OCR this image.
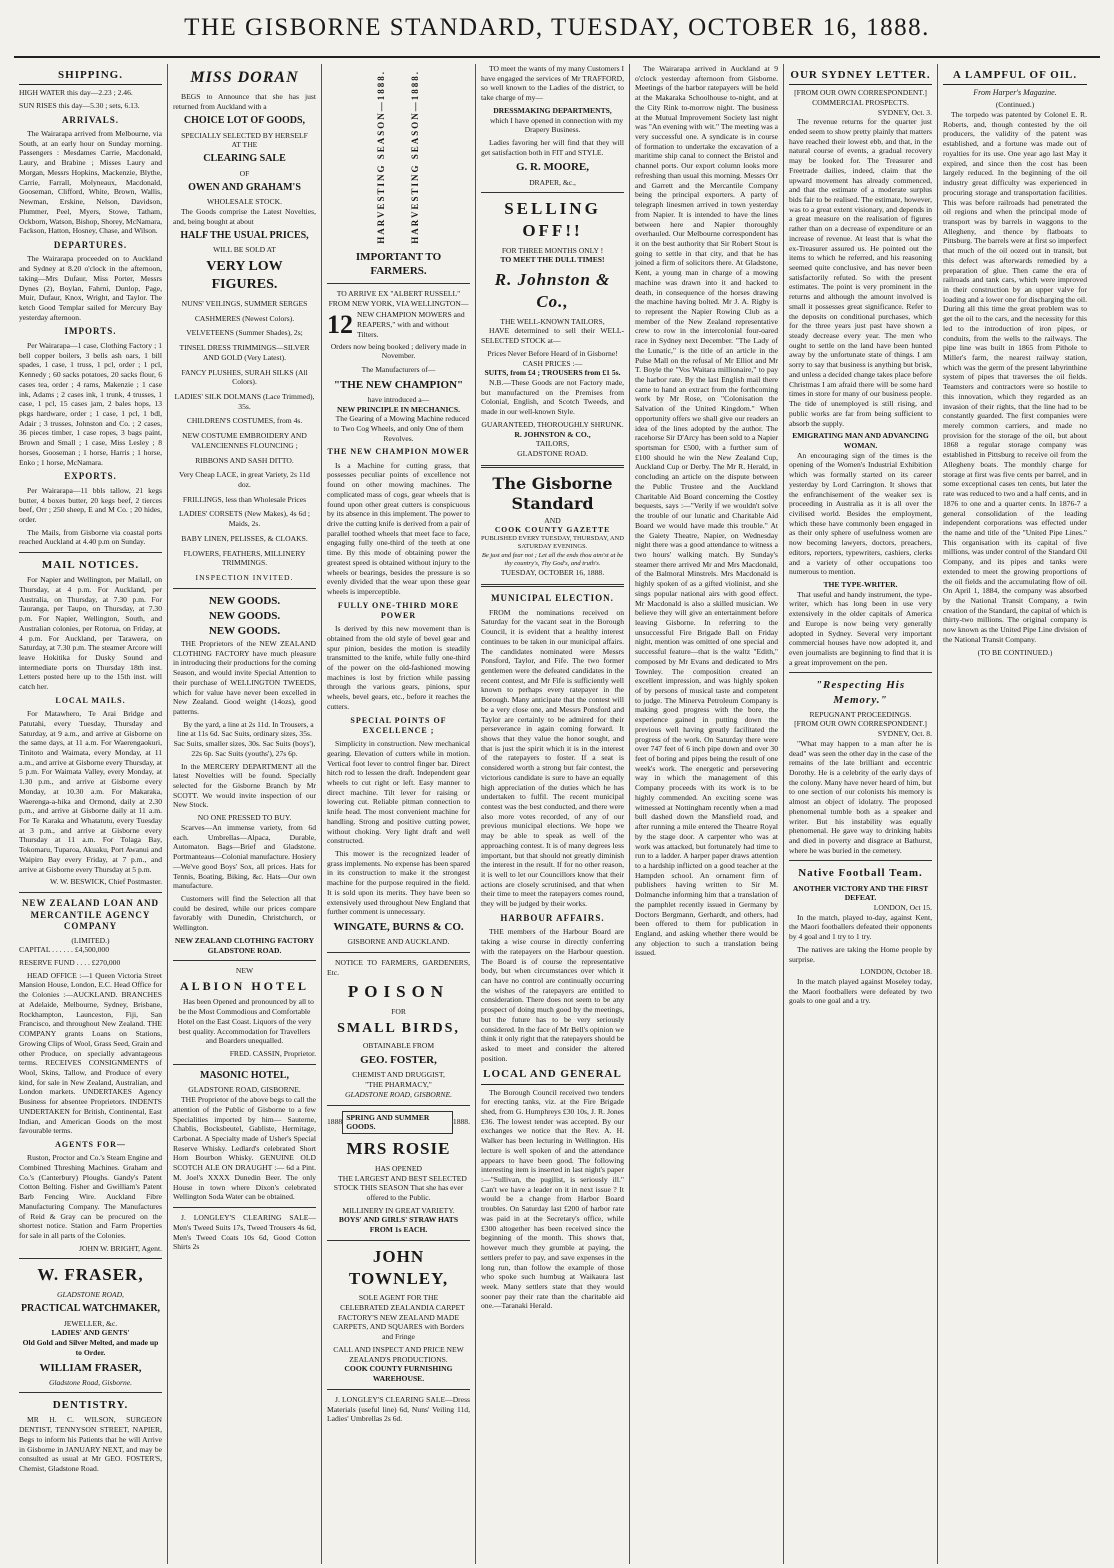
THE GISBORNE STANDARD, TUESDAY, OCTOBER 16, 1888.
SHIPPING.

HIGH WATER this day—2.23 ; 2.46.

SUN RISES this day—5.30 ; sets, 6.13.

ARRIVALS.

The Wairarapa arrived from Melbourne, via South, at an early hour on Sunday morning. Passengers : Mesdames Carrie, Macdonald, Laury, and Brabine ; Misses Laury and Morgan, Messrs Hopkins, Mackenzie, Blythe, Carrie, Farrall, Molyneaux, Macdonald, Gooseman, Clifford, White, Brown, Wallis, Newman, Erskine, Nelson, Davidson, Plummer, Peel, Myers, Stowe, Tatham, Ockborn, Watson, Bishop, Shorey, McNamara, Fackson, Hatton, Hosney, Chase, and Wilson.

DEPARTURES.

The Wairarapa proceeded on to Auckland and Sydney at 8.20 o'clock in the afternoon, taking—Mrs Dufaur, Miss Porter, Messrs Dynes (2), Boylan, Fahrni, Dunlop, Page, Muir, Dufaur, Knox, Wright, and Taylor. The ketch Good Templar sailed for Mercury Bay yesterday afternoon.

IMPORTS.

Per Wairarapa—1 case, Clothing Factory ; 1 bell copper boilers, 3 bells ash oars, 1 bill spades, 1 case, 1 truss, 1 pcl, order ; 1 pcl, Kennedy ; 60 sacks potatoes, 20 sacks flour, 6 cases tea, order ; 4 rams, Makenzie ; 1 case ink, Adams ; 2 cases ink, 1 trunk, 4 trusses, 1 case, 1 pcl, 15 cases jam, 2 bales hops, 13 pkgs hardware, order ; 1 case, 1 pcl, 1 bdl, Adair ; 3 trusses, Johnston and Co. ; 2 cases, 36 pieces timber, 1 case ropes, 3 bags paint, Brown and Small ; 1 case, Miss Lesley ; 8 horses, Gooseman ; 1 horse, Harris ; 1 horse, Enko ; 1 horse, McNamara.

EXPORTS.

Per Wairarapa—11 bbls tallow, 21 kegs butter, 4 boxes butter, 20 kegs beef, 2 tierces beef, Orr ; 250 sheep, E and M Co. ; 20 hides, order.

The Mails, from Gisborne via coastal ports reached Auckland at 4.40 p.m on Sunday.

MAIL NOTICES.

For Napier and Wellington, per Mailall, on Thursday, at 4 p.m. For Auckland, per Australia, on Thursday, at 7.30 p.m. For Tauranga, per Taupo, on Thursday, at 7.30 p.m. For Napier, Wellington, South, and Australian colonies, per Rotorua, on Friday, at 4 p.m. For Auckland, per Tarawera, on Saturday, at 7.30 p.m. The steamer Arcore will leave Hokitika for Dusky Sound and intermediate ports on Thursday 18th inst. Letters posted here up to the 15th inst. will catch her.

LOCAL MAILS.

For Matawhero, Te Arai Bridge and Patutahi, every Tuesday, Thursday and Saturday, at 9 a.m., and arrive at Gisborne on the same days, at 11 a.m. For Waerengaokuri, Tinitoto and Waimata, every Monday, at 11 a.m., and arrive at Gisborne every Thursday, at 5 p.m. For Waimata Valley, every Monday, at 1.30 p.m., and arrive at Gisborne every Monday, at 10.30 a.m. For Makaraka, Waerenga-a-hika and Ormond, daily at 2.30 p.m., and arrive at Gisborne daily at 11 a.m. For Te Karaka and Whatatutu, every Tuesday at 3 p.m., and arrive at Gisborne every Thursday at 11 a.m. For Tolaga Bay, Tokomaru, Tuparoa, Akuaku, Port Awanui and Waipiro Bay every Friday, at 7 p.m., and arrive at Gisborne every Thursday at 5 p.m.

W. W. BESWICK, Chief Postmaster.

NEW ZEALAND LOAN AND MERCANTILE AGENCY COMPANY
(LIMITED.)

CAPITAL . . . . . . £4,500,000

RESERVE FUND . . . . £270,000

HEAD OFFICE :—1 Queen Victoria Street Mansion House, London, E.C. Head Office for the Colonies :—AUCKLAND. BRANCHES at Adelaide, Melbourne, Sydney, Brisbane, Rockhampton, Launceston, Fiji, San Francisco, and throughout New Zealand. THE COMPANY grants Loans on Stations, Growing Clips of Wool, Grass Seed, Grain and other Produce, on specially advantageous terms. RECEIVES CONSIGNMENTS of Wool, Skins, Tallow, and Produce of every kind, for sale in New Zealand, Australian, and London markets. UNDERTAKES Agency Business for absentee Proprietors. INDENTS UNDERTAKEN for British, Continental, East Indian, and American Goods on the most favourable terms.

AGENTS FOR—

Ruston, Proctor and Co.'s Steam Engine and Combined Threshing Machines. Graham and Co.'s (Canterbury) Ploughs. Gandy's Patent Cotton Belting. Fisher and Gwilliam's Patent Barb Fencing Wire. Auckland Fibre Manufacturing Company. The Manufactures of Reid & Gray can be procured on the shortest notice. Station and Farm Properties for sale in all parts of the Colonies.

JOHN W. BRIGHT, Agent.

W. FRASER,
GLADSTONE ROAD,
PRACTICAL WATCHMAKER,
JEWELLER, &c.
LADIES' AND GENTS'
Old Gold and Silver Melted, and made up to Order.
WILLIAM FRASER,
Gladstone Road, Gisborne.
DENTISTRY.

MR H. C. WILSON, SURGEON DENTIST, TENNYSON STREET, NAPIER, Begs to inform his Patients that he will Arrive in Gisborne in JANUARY NEXT, and may be consulted as usual at Mr GEO. FOSTER'S, Chemist, Gladstone Road.

MISS DORAN

BEGS to Announce that she has just returned from Auckland with a

CHOICE LOT OF GOODS,
SPECIALLY SELECTED BY HERSELF
AT THE
CLEARING SALE
OF
OWEN AND GRAHAM'S
WHOLESALE STOCK.

The Goods comprise the Latest Novelties, and, being bought at about

HALF THE USUAL PRICES,
WILL BE SOLD AT
VERY LOW FIGURES.
NUNS' VEILINGS, SUMMER SERGES
CASHMERES (Newest Colors).
VELVETEENS (Summer Shades), 2s;
TINSEL DRESS TRIMMINGS—SILVER AND GOLD (Very Latest).
FANCY PLUSHES, SURAH SILKS (All Colors).
LADIES' SILK DOLMANS (Lace Trimmed), 35s.
CHILDREN'S COSTUMES, from 4s.
NEW COSTUME EMBROIDERY AND VALENCIENNES FLOUNCING ;
RIBBONS AND SASH DITTO.
Very Cheap LACE, in great Variety, 2s 11d doz.
FRILLINGS, less than Wholesale Prices
LADIES' CORSETS (New Makes), 4s 6d ; Maids, 2s.
BABY LINEN, PELISSES, & CLOAKS.
FLOWERS, FEATHERS, MILLINERY TRIMMINGS.
INSPECTION INVITED.
NEW GOODS.
NEW GOODS.
NEW GOODS.

THE Proprietors of the NEW ZEALAND CLOTHING FACTORY have much pleasure in introducing their productions for the coming Season, and would invite Special Attention to their purchase of WELLINGTON TWEEDS, which for value have never been excelled in New Zealand. Good weight (14ozs), good patterns.

By the yard, a line at 2s 11d. In Trousers, a line at 11s 6d. Sac Suits, ordinary sizes, 35s. Sac Suits, smaller sizes, 30s. Sac Suits (boys'), 22s 6p. Sac Suits (youths'), 27s 6p.

In the MERCERY DEPARTMENT all the latest Novelties will be found. Specially selected for the Gisborne Branch by Mr SCOTT. We would invite inspection of our New Stock.

NO ONE PRESSED TO BUY.

Scarves—An immense variety, from 6d each. Umbrellas—Alpaca, Durable, Automaton. Bags—Brief and Gladstone. Portmanteaus—Colonial manufacture. Hosiery—We've good Boys' Sox, all prices. Hats for Tennis, Boating, Biking, &c. Hats—Our own manufacture.

Customers will find the Selection all that could be desired, while our prices compare favorably with Dunedin, Christchurch, or Wellington.

NEW ZEALAND CLOTHING FACTORY GLADSTONE ROAD.
NEW
ALBION HOTEL

Has been Opened and pronounced by all to be the Most Commodious and Comfortable Hotel on the East Coast. Liquors of the very best quality. Accommodation for Travellers and Boarders unequalled.

FRED. CASSIN, Proprietor.

MASONIC HOTEL,
GLADSTONE ROAD, GISBORNE.

THE Proprietor of the above begs to call the attention of the Public of Gisborne to a few Specialities imported by him— Sauterne, Chablis, Bocksbeutel, Gabliste, Hermitage, Carbonat. A Specialty made of Usher's Special Reserve Whisky. Ledlard's celebrated Short Horn Bourbon Whisky. GENUINE OLD SCOTCH ALE ON DRAUGHT :— 6d a Pint. M. Joel's XXXX Dunedin Beer. The only House in town where Dixon's celebrated Wellington Soda Water can be obtained.

J. LONGLEY'S CLEARING SALE—Men's Tweed Suits 17s, Tweed Trousers 4s 6d, Men's Tweed Coats 10s 6d, Good Cotton Shirts 2s

HARVESTING SEASON—1888.	HARVESTING SEASON—1888.
IMPORTANT TO FARMERS.
TO ARRIVE EX "ALBERT RUSSELL" FROM NEW YORK, VIA WELLINGTON—
12 NEW CHAMPION MOWERS and REAPERS," with and without Tilters.
Orders now being booked ; delivery made in November.
The Manufacturers of—
"THE NEW CHAMPION"
have introduced a—
NEW PRINCIPLE IN MECHANICS.

The Gearing of a Mowing Machine reduced to Two Cog Wheels, and only One of them Revolves.

THE NEW CHAMPION MOWER

Is a Machine for cutting grass, that possesses peculiar points of excellence not found on other mowing machines. The complicated mass of cogs, gear wheels that is found upon other great cutters is conspicuous by its absence in this implement. The power to drive the cutting knife is derived from a pair of parallel toothed wheels that meet face to face, engaging fully one-third of the teeth at one time. By this mode of obtaining power the greatest speed is obtained without injury to the wheels or bearings, besides the pressure is so evenly divided that the wear upon these gear wheels is imperceptible.

FULLY ONE-THIRD MORE POWER

Is derived by this new movement than is obtained from the old style of bevel gear and spur pinion, besides the motion is steadily transmitted to the knife, while fully one-third of the power on the old-fashioned mowing machines is lost by friction while passing through the various gears, pinions, spur wheels, bevel gears, etc., before it reaches the cutters.

SPECIAL POINTS OF EXCELLENCE ;

Simplicity in construction. New mechanical gearing. Elevation of cutters while in motion. Vertical foot lever to control finger bar. Direct hitch rod to lessen the draft. Independent gear wheels to cut right or left. Easy manner to direct machine. Tilt lever for raising or lowering cut. Reliable pitman connection to knife head. The most convenient machine for handling. Strong and positive cutting power, without choking. Very light draft and well constructed.

This mower is the recognized leader of grass implements. No expense has been spared in its construction to make it the strongest machine for the purpose required in the field. It is sold upon its merits. They have been so extensively used throughout New England that further comment is unnecessary.

WINGATE, BURNS & CO.
GISBORNE AND AUCKLAND.

NOTICE TO FARMERS, GARDENERS, Etc.

POISON
FOR
SMALL BIRDS,
OBTAINABLE FROM
GEO. FOSTER,
CHEMIST AND DRUGGIST,
"THE PHARMACY,"
GLADSTONE ROAD, GISBORNE.
1888
SPRING AND SUMMER GOODS.
1888.
MRS ROSIE
HAS OPENED

THE LARGEST AND BEST SELECTED STOCK THIS SEASON That she has ever offered to the Public.

MILLINERY IN GREAT VARIETY.
BOYS' AND GIRLS' STRAW HATS FROM 1s EACH.
JOHN TOWNLEY,
SOLE AGENT FOR THE

CELEBRATED ZEALANDIA CARPET FACTORY'S NEW ZEALAND MADE CARPETS, AND SQUARES with Borders and Fringe

CALL AND INSPECT AND PRICE NEW ZEALAND'S PRODUCTIONS.
COOK COUNTY FURNISHING WAREHOUSE.

J. LONGLEY'S CLEARING SALE—Dress Materials (useful line) 6d, Nuns' Veiling 11d, Ladies' Umbrellas 2s 6d.

TO meet the wants of my many Customers I have engaged the services of Mr TRAFFORD, so well known to the Ladies of the district, to take charge of my—

DRESSMAKING DEPARTMENTS,

which I have opened in connection with my Drapery Business.

Ladies favoring her will find that they will get satisfaction both in FIT and STYLE.

G. R. MOORE,
DRAPER, &c.,
SELLING OFF!!
FOR THREE MONTHS ONLY !
TO MEET THE DULL TIMES!
R. Johnston & Co.,
THE WELL-KNOWN TAILORS,

HAVE determined to sell their WELL-SELECTED STOCK at—

Prices Never Before Heard of in Gisborne!
CASH PRICES :—
SUITS, from £4 ; TROUSERS from £1 5s.

N.B.—These Goods are not Factory made, but manufactured on the Premises from Colonial, English, and Scotch Tweeds, and made in our well-known Style.

GUARANTEED, THOROUGHLY SHRUNK.
R. JOHNSTON & CO.,
TAILORS,
GLADSTONE ROAD.
The Gisborne Standard
AND
COOK COUNTY GAZETTE
PUBLISHED EVERY TUESDAY, THURSDAY, AND SATURDAY EVENINGS.
Be just and fear not ; Let all the ends thou aim'st at be thy country's, Thy God's, and truth's.
TUESDAY, OCTOBER 16, 1888.
MUNICIPAL ELECTION.

FROM the nominations received on Saturday for the vacant seat in the Borough Council, it is evident that a healthy interest continues to be taken in our municipal affairs. The candidates nominated were Messrs Ponsford, Taylor, and Fife. The two former gentlemen were the defeated candidates in the recent contest, and Mr Fife is sufficiently well known to perhaps every ratepayer in the Borough. Many anticipate that the contest will be a very close one, and Messrs Ponsford and Taylor are certainly to be admired for their perseverance in again coming forward. It shows that they value the honor sought, and that is just the spirit which it is in the interest of the ratepayers to foster. If a seat is considered worth a strong but fair contest, the victorious candidate is sure to have an equally high appreciation of the duties which he has undertaken to fulfil. The recent municipal contest was the best conducted, and there were also more votes recorded, of any of our previous municipal elections. We hope we may be able to speak as well of the approaching contest. It is of many degrees less important, but that should not greatly diminish the interest in the result. If for no other reason, it is well to let our Councillors know that their actions are closely scrutinised, and that when their time to meet the ratepayers comes round, they will be judged by their works.

HARBOUR AFFAIRS.

THE members of the Harbour Board are taking a wise course in directly conferring with the ratepayers on the Harbour question. The Board is of course the representative body, but when circumstances over which it can have no control are continually occurring the wishes of the ratepayers are entitled to consideration. There does not seem to be any prospect of doing much good by the meetings, but the future has to be very seriously considered. In the face of Mr Bell's opinion we think it only right that the ratepayers should be asked to meet and consider the altered position.

LOCAL AND GENERAL

The Borough Council received two tenders for erecting tanks, viz. at the Fire Brigade shed, from G. Humphreys £30 10s, J. R. Jones £36. The lowest tender was accepted. By our exchanges we notice that the Rev. A. H. Walker has been lecturing in Wellington. His lecture is well spoken of and the attendance appears to have been good. The following interesting item is inserted in last night's paper :—"Sullivan, the pugilist, is seriously ill." Can't we have a leader on it in next issue ? It would be a change from Harbor Board troubles. On Saturday last £200 of harbor rate was paid in at the Secretary's office, while £300 altogether has been received since the beginning of the month. This shows that, however much they grumble at paying, the settlers prefer to pay, and save expenses in the long run, than follow the example of those who spoke such humbug at Waikaura last week. Many settlers state that they would sooner pay their rate than the charitable aid one.—Taranaki Herald.

The Wairarapa arrived in Auckland at 9 o'clock yesterday afternoon from Gisborne. Meetings of the harbor ratepayers will be held at the Makaraka Schoolhouse to-night, and at the City Rink to-morrow night. The business at the Mutual Improvement Society last night was "An evening with wit." The meeting was a very successful one. A syndicate is in course of formation to undertake the excavation of a maritime ship canal to connect the Bristol and channel ports. Our export column looks more refreshing than usual this morning. Messrs Orr and Garrett and the Mercantile Company being the principal exporters. A party of telegraph linesmen arrived in town yesterday from Napier. It is intended to have the lines between here and Napier thoroughly overhauled. Our Melbourne correspondent has it on the best authority that Sir Robert Stout is going to settle in that city, and that he has joined a firm of solicitors there. At Gladstone, Kent, a young man in charge of a mowing machine was drawn into it and hacked to death, in consequence of the horses drawing the machine having bolted. Mr J. A. Rigby is to represent the Napier Rowing Club as a member of the New Zealand representative crew to row in the intercolonial four-oared race in Sydney next December. "The Lady of the Lunatic," is the title of an article in the Pulse Mall on the refusal of Mr Elliot and Mr T. Boyle the "Vos Waitara millionaire," to pay the harbor rate. By the last English mail there came to hand an extract from the forthcoming work by Mr Rose, on "Colonisation the Salvation of the United Kingdom." When opportunity offers we shall give our readers an idea of the lines adopted by the author. The racehorse Sir D'Arcy has been sold to a Napier sportsman for £500, with a further sum of £100 should he win the New Zealand Cup, Auckland Cup or Derby. The Mr R. Herald, in concluding an article on the dispute between the Public Trustee and the Auckland Charitable Aid Board concerning the Costley bequests, says :—"Verily if we wouldn't solve the trouble of our lunatic and Charitable Aid Board we would have made this trouble." At the Gaiety Theatre, Napier, on Wednesday night there was a good attendance to witness a two hours' walking match. By Sunday's steamer there arrived Mr and Mrs Macdonald, of the Balmoral Minstrels. Mrs Macdonald is highly spoken of as a gifted violinist, and she sings popular national airs with good effect. Mr Macdonald is also a skilled musician. We believe they will give an entertainment before leaving Gisborne. In referring to the unsuccessful Fire Brigade Ball on Friday night, mention was omitted of one special and successful feature—that is the waltz "Edith," composed by Mr Evans and dedicated to Mrs Townley. The composition created an excellent impression, and was highly spoken of by persons of musical taste and competent to judge. The Minerva Petroleum Company is making good progress with the bore, the experience gained in putting down the previous well having greatly facilitated the progress of the work. On Saturday there were over 747 feet of 6 inch pipe down and over 30 feet of boring and pipes being the result of one week's work. The energetic and persevering way in which the management of this Company proceeds with its work is to be highly commended. An exciting scene was witnessed at Nottingham recently when a mad bull dashed down the Mansfield road, and after running a mile entered the Theatre Royal by the stage door. A carpenter who was at work was attacked, but fortunately had time to run to a ladder. A harper paper draws attention to a hardship inflicted on a good teacher at the Hampden school. An ornament firm of publishers having written to Sir M. Dolmanche informing him that a translation of the pamphlet recently issued in Germany by Doctors Bergmann, Gerhardt, and others, had been offered to them for publication in England, and asking whether there would be any objection to such a translation being issued.

OUR SYDNEY LETTER.
[FROM OUR OWN CORRESPONDENT.]
COMMERCIAL PROSPECTS.
SYDNEY, Oct. 3.

The revenue returns for the quarter just ended seem to show pretty plainly that matters have reached their lowest ebb, and that, in the natural course of events, a gradual recovery may be looked for. The Treasurer and Freetrade dailies, indeed, claim that the upward movement has already commenced, and that the estimate of a moderate surplus bids fair to be realised. The estimate, however, was to a great extent visionary, and depends in a great measure on the realisation of figures rather than on a decrease of expenditure or an increase of revenue. At least that is what the ex-Treasurer assured us. He pointed out the items to which he referred, and his reasoning seemed quite conclusive, and has never been satisfactorily refuted. So with the present estimates. The point is very prominent in the returns and although the amount involved is small it possesses great significance. Refer to the deposits on conditional purchases, which for the three years just past have shown a steady decrease every year. The men who ought to settle on the land have been hunted away by the unfortunate state of things. I am sorry to say that business is anything but brisk, and unless a decided change takes place before Christmas I am afraid there will be some hard times in store for many of our business people. The tide of unemployed is still rising, and public works are far from being sufficient to absorb the supply.

EMIGRATING MAN AND ADVANCING WOMAN.

An encouraging sign of the times is the opening of the Women's Industrial Exhibition which was formally started on its career yesterday by Lord Carrington. It shows that the enfranchisement of the weaker sex is proceeding in Australia as it is all over the civilised world. Besides the employment, which these have commonly been engaged in as their only sphere of usefulness women are now becoming lawyers, doctors, preachers, editors, reporters, typewriters, cashiers, clerks and a variety of other occupations too numerous to mention.

THE TYPE-WRITER.

That useful and handy instrument, the type-writer, which has long been in use very extensively in the older capitals of America and Europe is now being very generally adopted in Sydney. Several very important commercial houses have now adopted it, and even journalists are beginning to find that it is a great improvement on the pen.

"Respecting His Memory."
REPUGNANT PROCEEDINGS.
[FROM OUR OWN CORRESPONDENT.]
SYDNEY, Oct. 8.

"What may happen to a man after he is dead" was seen the other day in the case of the remains of the late brilliant and eccentric Dorothy. He is a celebrity of the early days of the colony. Many have never heard of him, but to one section of our colonists his memory is almost an object of idolatry. The proposed phenomenal tumble both as a speaker and writer. But his instability was equally phenomenal. He gave way to drinking habits and died in poverty and disgrace at Bathurst, where he was buried in the cemetery.

Native Football Team.
ANOTHER VICTORY AND THE FIRST DEFEAT.
LONDON, Oct 15.

In the match, played to-day, against Kent, the Maori footballers defeated their opponents by 4 goal and 1 try to 1 try.

The natives are taking the Home people by surprise.

LONDON, October 18.

In the match played against Moseley today, the Maori footballers were defeated by two goals to one goal and a try.

A LAMPFUL OF OIL.
From Harper's Magazine.
(Continued.)

The torpedo was patented by Colonel E. R. Roberts, and, though contested by the oil producers, the validity of the patent was established, and a fortune was made out of royalties for its use. One year ago last May it expired, and since then the cost has been largely reduced. In the beginning of the oil industry great difficulty was experienced in procuring storage and transportation facilities. This was before railroads had penetrated the oil regions and when the principal mode of transport was by barrels in waggons to the Allegheny, and thence by flatboats to Pittsburg. The barrels were at first so imperfect that much of the oil oozed out in transit, but this defect was afterwards remedied by a preparation of glue. Then came the era of railroads and tank cars, which were improved in their construction by an upper valve for loading and a lower one for discharging the oil. During all this time the great problem was to get the oil to the cars, and the necessity for this led to the introduction of iron pipes, or conduits, from the wells to the railways. The pipe line was built in 1865 from Pithole to Miller's farm, the nearest railway station, which was the germ of the present labyrinthine system of pipes that traverses the oil fields. Teamsters and contractors were so hostile to this innovation, which they regarded as an invasion of their rights, that the line had to be constantly guarded. The first companies were merely common carriers, and made no provision for the storage of the oil, but about 1868 a regular storage company was established in Pittsburg to receive oil from the Allegheny boats. The monthly charge for storage at first was five cents per barrel, and in some exceptional cases ten cents, but later the rate was reduced to two and a half cents, and in 1876 to one and a quarter cents. In 1876-7 a general consolidation of the leading independent corporations was effected under the name and title of the "United Pipe Lines." This organisation with its capital of five millions, was under control of the Standard Oil Company, and its pipes and tanks were extended to meet the growing proportions of the oil fields and the accumulating flow of oil. On April 1, 1884, the company was absorbed by the National Transit Company, a twin creation of the Standard, the capital of which is thirty-two millions. The original company is now known as the United Pipe Line division of the National Transit Company.

(TO BE CONTINUED.)
